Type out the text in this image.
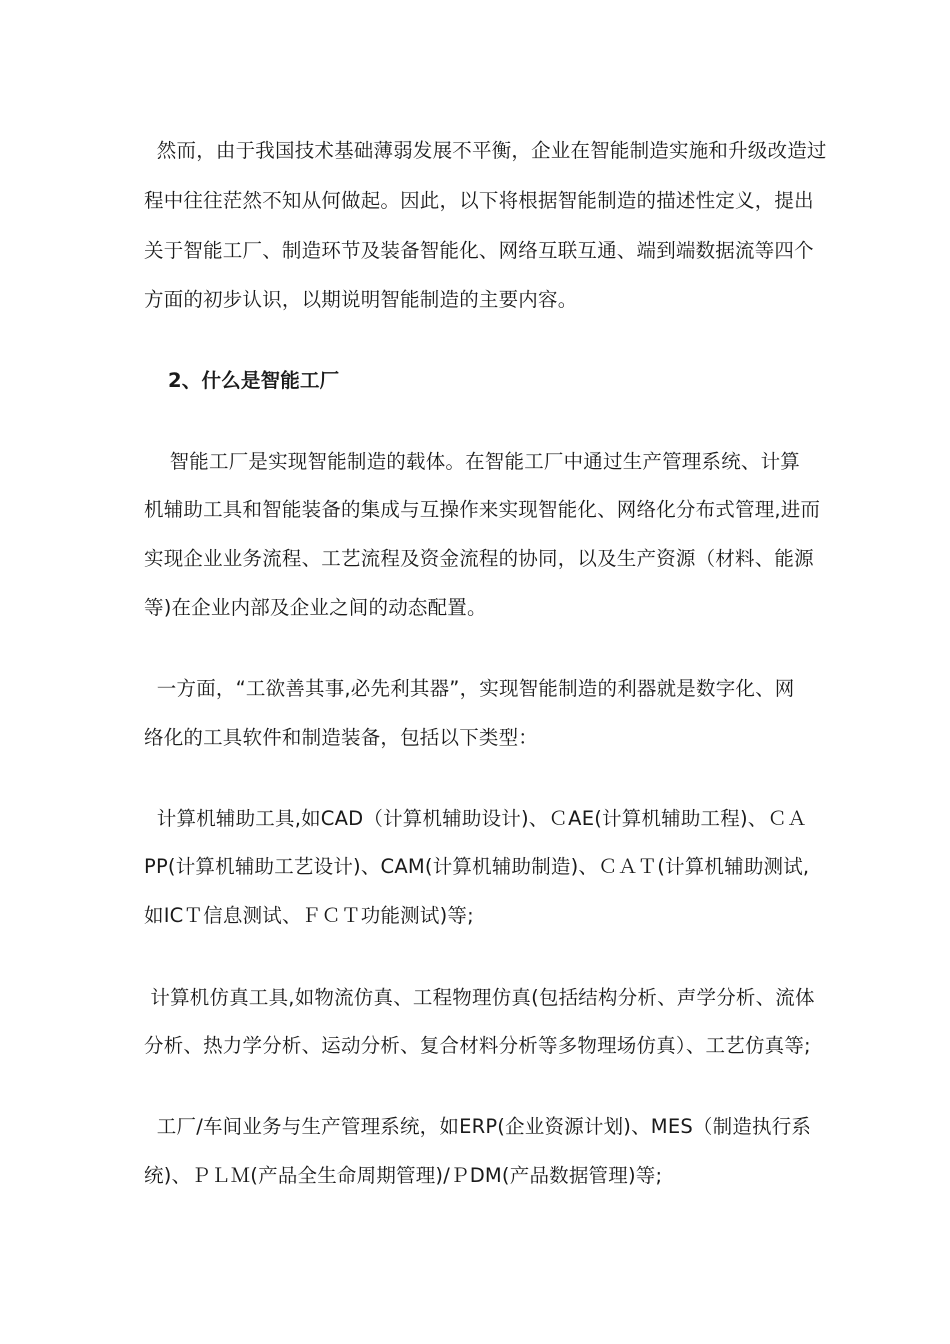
然而，由于我国技术基础薄弱发展不平衡，企业在智能制造实施和升级改造过
程中往往茫然不知从何做起。因此，以下将根据智能制造的描述性定义，提出
关于智能工厂、制造环节及装备智能化、网络互联互通、端到端数据流等四个
方面的初步认识，以期说明智能制造的主要内容。
2、什么是智能工厂
智能工厂是实现智能制造的载体。在智能工厂中通过生产管理系统、计算
机辅助工具和智能装备的集成与互操作来实现智能化、网络化分布式管理,进而
实现企业业务流程、工艺流程及资金流程的协同，以及生产资源（材料、能源
等)在企业内部及企业之间的动态配置。
一方面，“工欲善其事,必先利其器”，实现智能制造的利器就是数字化、网
络化的工具软件和制造装备，包括以下类型：
计算机辅助工具,如CAD（计算机辅助设计)、ＣAE(计算机辅助工程)、ＣＡ
PP(计算机辅助工艺设计)、CAM(计算机辅助制造)、ＣＡＴ(计算机辅助测试,
如ICＴ信息测试、ＦＣＴ功能测试)等;
计算机仿真工具,如物流仿真、工程物理仿真(包括结构分析、声学分析、流体
分析、热力学分析、运动分析、复合材料分析等多物理场仿真）、工艺仿真等;
工厂/车间业务与生产管理系统，如ERP(企业资源计划)、MES（制造执行系
统)、ＰＬＭ(产品全生命周期管理)/ＰDM(产品数据管理)等;
